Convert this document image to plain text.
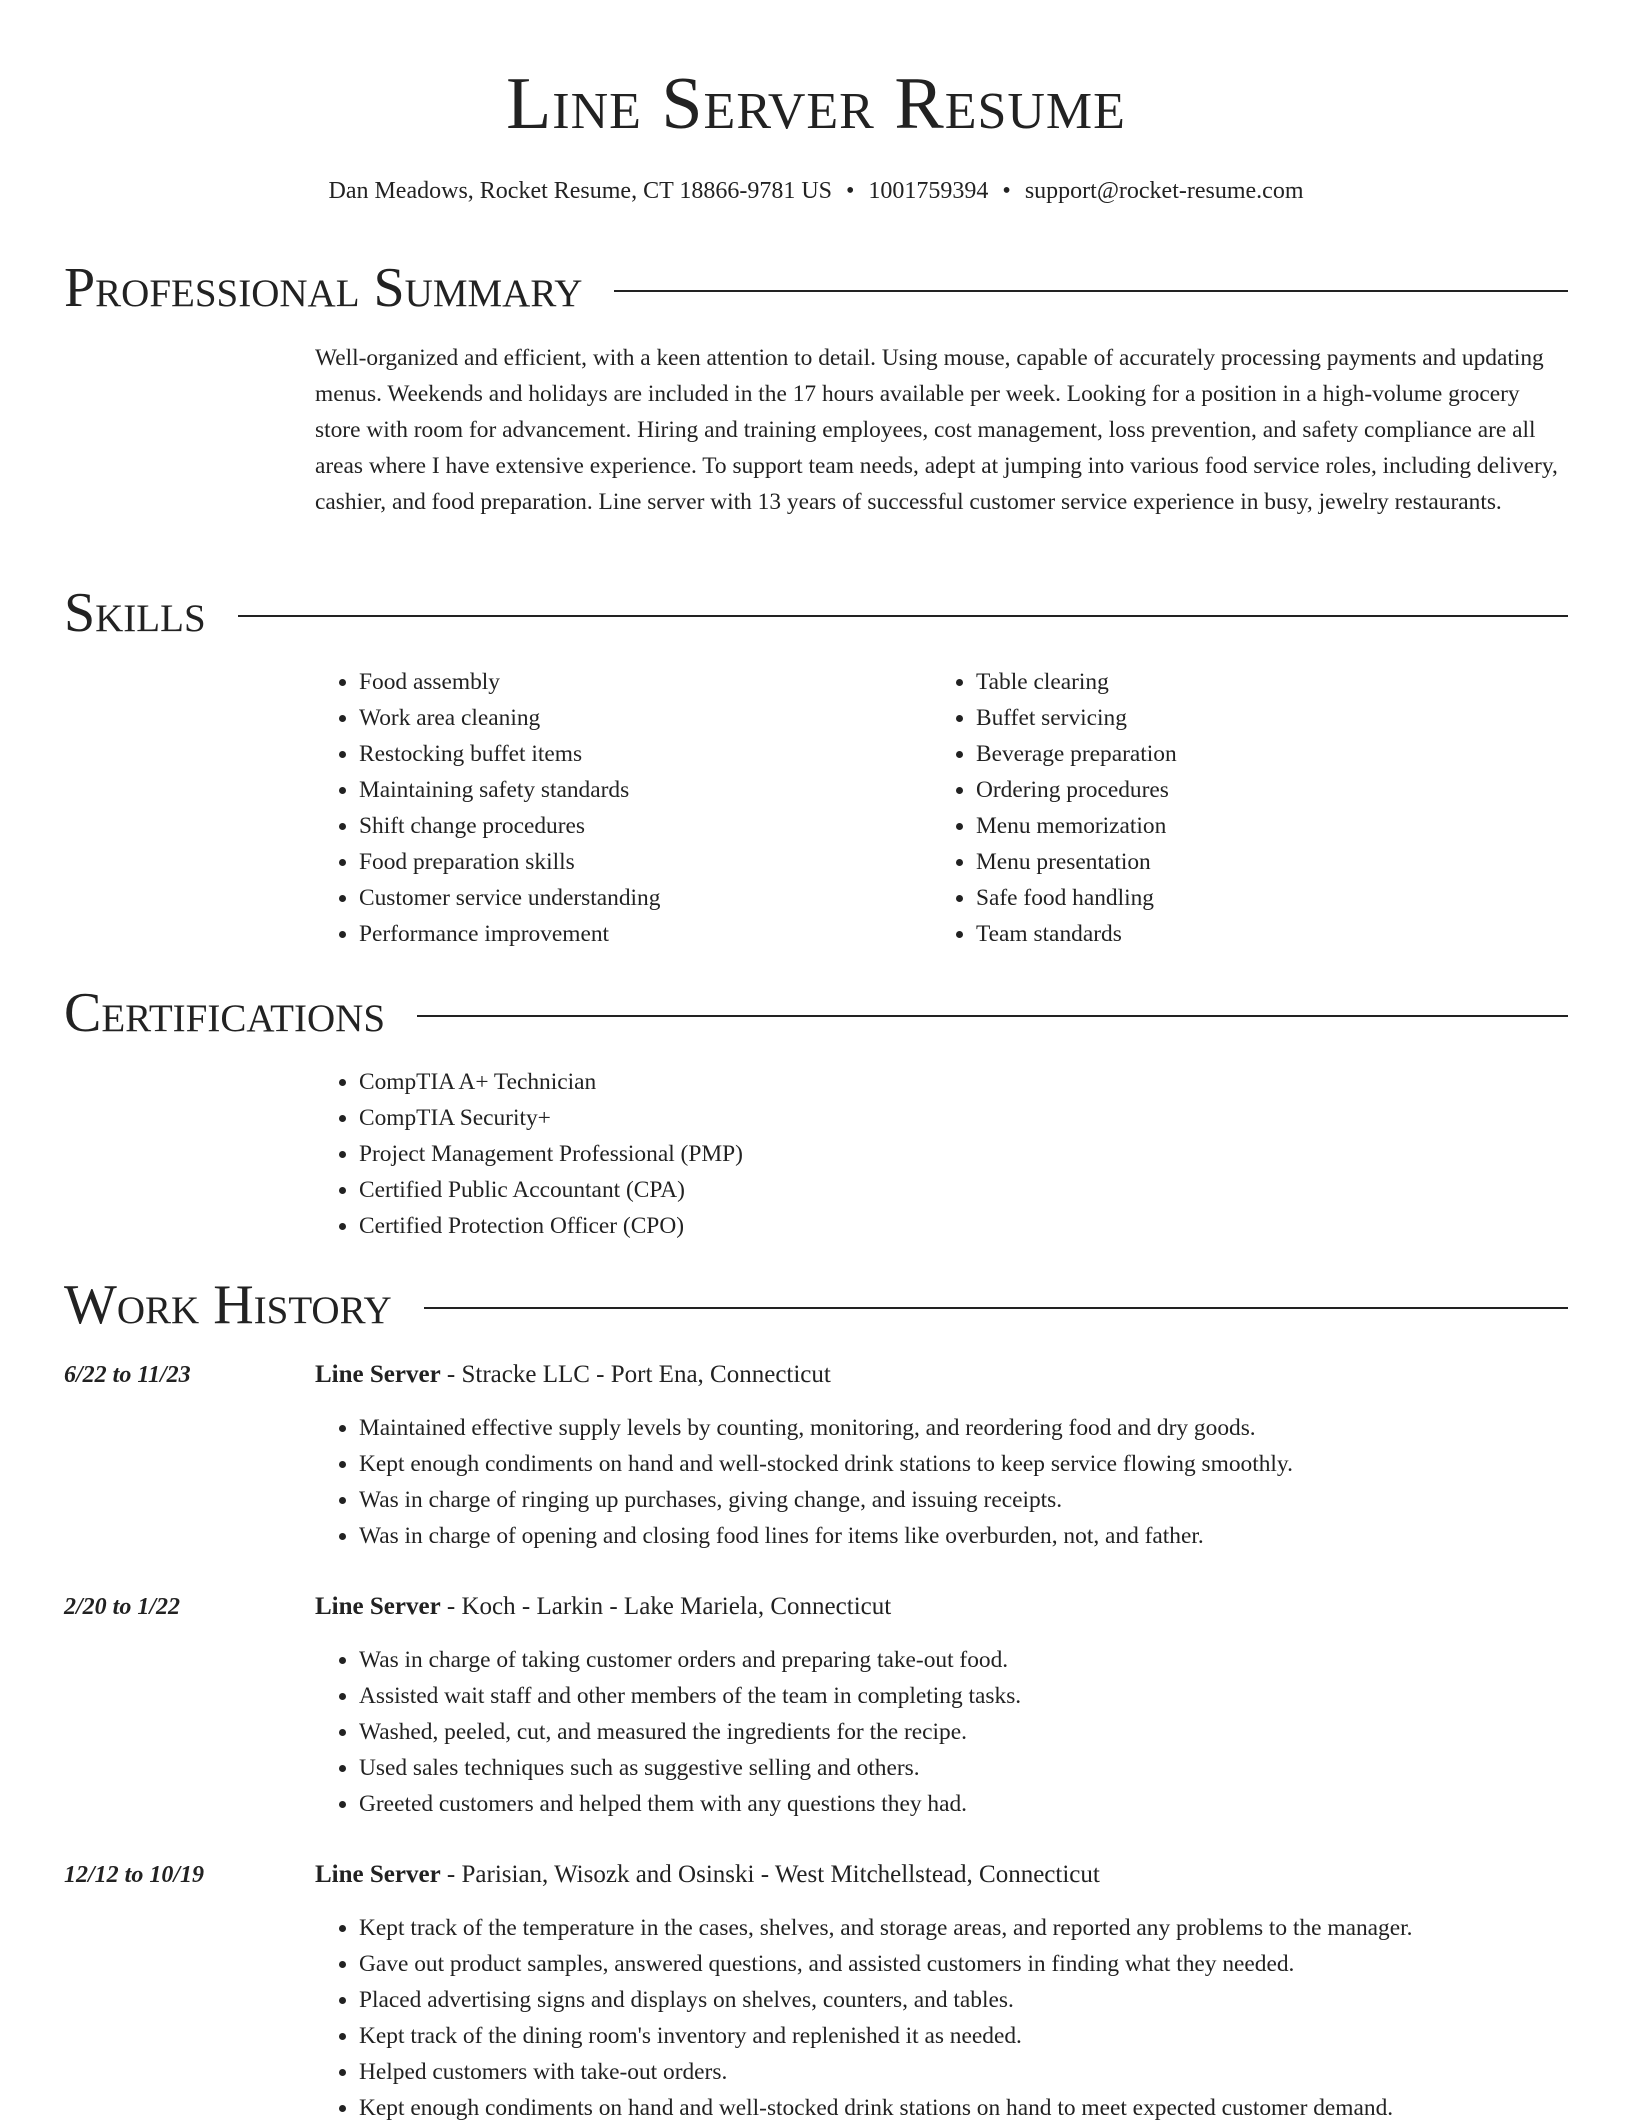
Line Server Resume
Dan Meadows, Rocket Resume, CT 18866-9781 US • 1001759394 • support@rocket-resume.com
Professional Summary

Well-organized and efficient, with a keen attention to detail. Using mouse, capable of accurately processing payments and updating menus. Weekends and holidays are included in the 17 hours available per week. Looking for a position in a high-volume grocery store with room for advancement. Hiring and training employees, cost management, loss prevention, and safety compliance are all areas where I have extensive experience. To support team needs, adept at jumping into various food service roles, including delivery, cashier, and food preparation. Line server with 13 years of successful customer service experience in busy, jewelry restaurants.

Skills
• Food assembly
• Work area cleaning
• Restocking buffet items
• Maintaining safety standards
• Shift change procedures
• Food preparation skills
• Customer service understanding
• Performance improvement
• Table clearing
• Buffet servicing
• Beverage preparation
• Ordering procedures
• Menu memorization
• Menu presentation
• Safe food handling
• Team standards
Certifications
• CompTIA A+ Technician
• CompTIA Security+
• Project Management Professional (PMP)
• Certified Public Accountant (CPA)
• Certified Protection Officer (CPO)
Work History
6/22 to 11/23	Line Server - Stracke LLC - Port Ena, Connecticut
• Maintained effective supply levels by counting, monitoring, and reordering food and dry goods.
• Kept enough condiments on hand and well-stocked drink stations to keep service flowing smoothly.
• Was in charge of ringing up purchases, giving change, and issuing receipts.
• Was in charge of opening and closing food lines for items like overburden, not, and father.
2/20 to 1/22	Line Server - Koch - Larkin - Lake Mariela, Connecticut
• Was in charge of taking customer orders and preparing take-out food.
• Assisted wait staff and other members of the team in completing tasks.
• Washed, peeled, cut, and measured the ingredients for the recipe.
• Used sales techniques such as suggestive selling and others.
• Greeted customers and helped them with any questions they had.
12/12 to 10/19	Line Server - Parisian, Wisozk and Osinski - West Mitchellstead, Connecticut
• Kept track of the temperature in the cases, shelves, and storage areas, and reported any problems to the manager.
• Gave out product samples, answered questions, and assisted customers in finding what they needed.
• Placed advertising signs and displays on shelves, counters, and tables.
• Kept track of the dining room's inventory and replenished it as needed.
• Helped customers with take-out orders.
• Kept enough condiments on hand and well-stocked drink stations on hand to meet expected customer demand.
